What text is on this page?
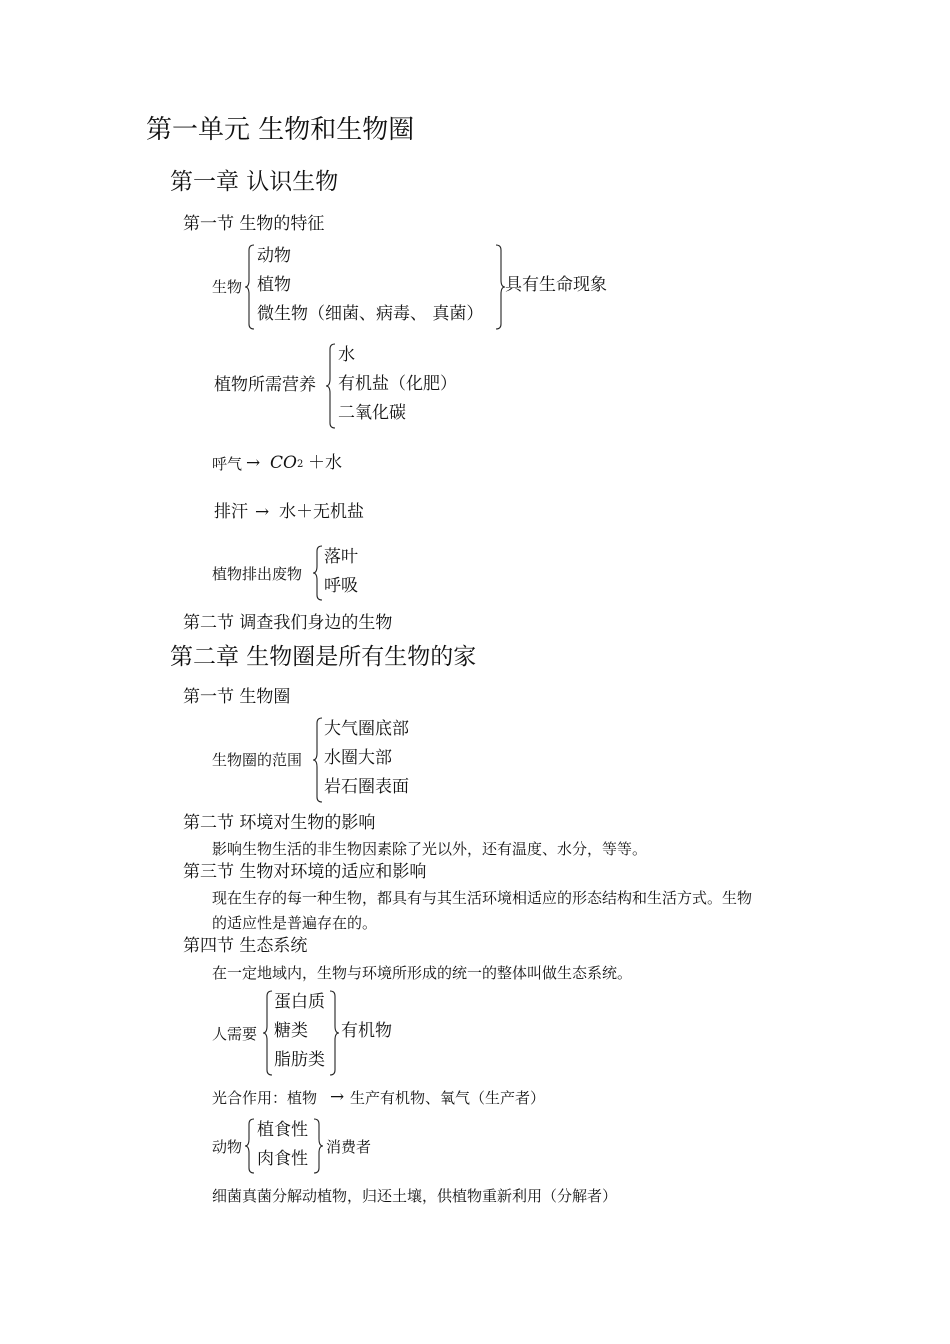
第一单元 生物和生物圈
第一章 认识生物
第一节 生物的特征
生物
动物
植物
微生物（细菌、病毒、 真菌）
具有生命现象
植物所需营养
水
有机盐（化肥）
二氧化碳
呼气 → CO2 ＋水
排汗 → 水＋无机盐
植物排出废物
落叶
呼吸
第二节 调查我们身边的生物
第二章 生物圈是所有生物的家
第一节 生物圈
生物圈的范围
大气圈底部
水圈大部
岩石圈表面
第二节 环境对生物的影响
影响生物生活的非生物因素除了光以外，还有温度、水分，等等。
第三节 生物对环境的适应和影响
现在生存的每一种生物，都具有与其生活环境相适应的形态结构和生活方式。生物
的适应性是普遍存在的。
第四节 生态系统
在一定地域内，生物与环境所形成的统一的整体叫做生态系统。
人需要
蛋白质
糖类
脂肪类
有机物
光合作用：植物 → 生产有机物、氧气（生产者）
动物
植食性
肉食性
消费者
细菌真菌分解动植物，归还土壤，供植物重新利用（分解者）
